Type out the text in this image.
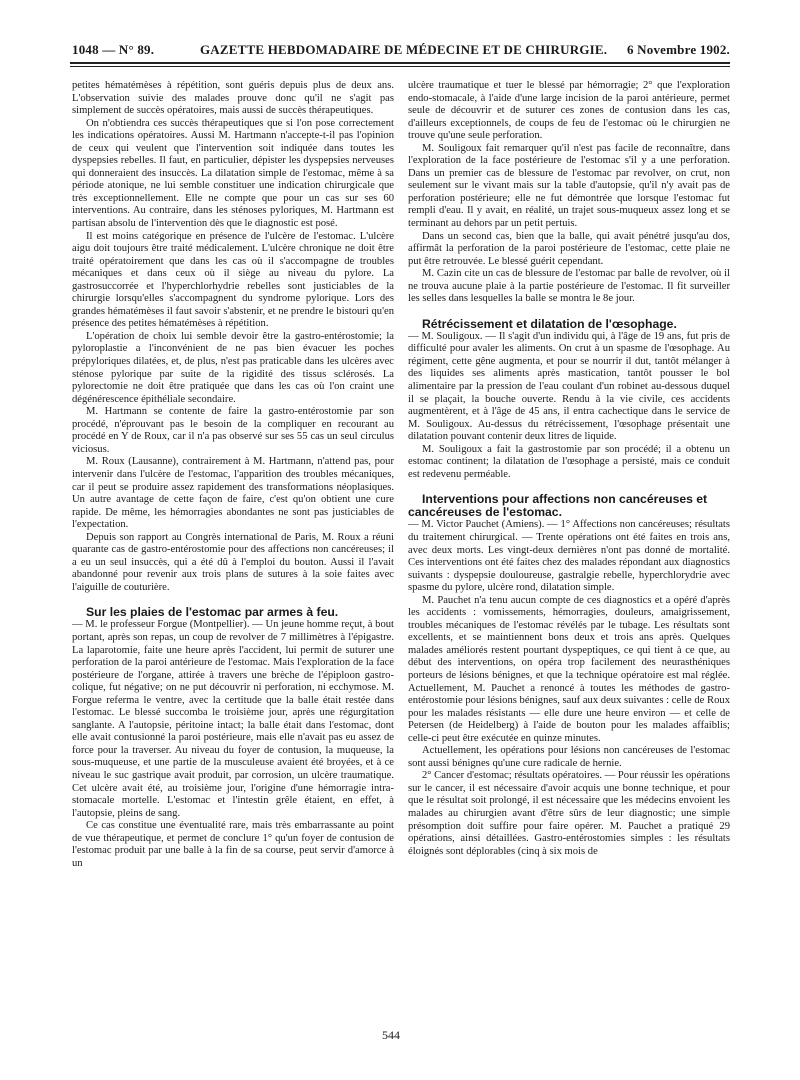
1048 — N° 89.	GAZETTE HEBDOMADAIRE DE MÉDECINE ET DE CHIRURGIE. 6 Novembre 1902.

petites hématémèses à répétition, sont guéris depuis plus de deux ans. L'observation suivie des malades prouve donc qu'il ne s'agit pas simplement de succès opératoires, mais aussi de succès thérapeutiques.

On n'obtiendra ces succès thérapeutiques que si l'on pose correctement les indications opératoires. Aussi M. Hartmann n'accepte-t-il pas l'opinion de ceux qui veulent que l'intervention soit indiquée dans toutes les dyspepsies rebelles. Il faut, en particulier, dépister les dyspepsies nerveuses qui donneraient des insuccès. La dilatation simple de l'estomac, même à sa période atonique, ne lui semble constituer une indication chirurgicale que très exceptionnellement. Elle ne compte que pour un cas sur ses 60 interventions. Au contraire, dans les sténoses pyloriques, M. Hartmann est partisan absolu de l'intervention dès que le diagnostic est posé.

Il est moins catégorique en présence de l'ulcère de l'estomac. L'ulcère aigu doit toujours être traité médicalement. L'ulcère chronique ne doit être traité opératoirement que dans les cas où il s'accompagne de troubles mécaniques et dans ceux où il siège au niveau du pylore. La gastrosuccorrée et l'hyperchlorhydrie rebelles sont justiciables de la chirurgie lorsqu'elles s'accompagnent du syndrome pylorique. Lors des grandes hématémèses il faut savoir s'abstenir, et ne prendre le bistouri qu'en présence des petites hématémèses à répétition.

L'opération de choix lui semble devoir être la gastro-entérostomie; la pyloroplastie a l'inconvénient de ne pas bien évacuer les poches prépyloriques dilatées, et, de plus, n'est pas praticable dans les ulcères avec sténose pylorique par suite de la rigidité des tissus sclérosés. La pylorectomie ne doit être pratiquée que dans les cas où l'on craint une dégénérescence épithéliale secondaire.

M. Hartmann se contente de faire la gastro-entérostomie par son procédé, n'éprouvant pas le besoin de la compliquer en recourant au procédé en Y de Roux, car il n'a pas observé sur ses 55 cas un seul circulus viciosus.

M. Roux (Lausanne), contrairement à M. Hartmann, n'attend pas, pour intervenir dans l'ulcère de l'estomac, l'apparition des troubles mécaniques, car il peut se produire assez rapidement des transformations néoplasiques. Un autre avantage de cette façon de faire, c'est qu'on obtient une cure rapide. De même, les hémorragies abondantes ne sont pas justiciables de l'expectation.

Depuis son rapport au Congrès international de Paris, M. Roux a réuni quarante cas de gastro-entérostomie pour des affections non cancéreuses; il a eu un seul insuccès, qui a été dû à l'emploi du bouton. Aussi il l'avait abandonné pour revenir aux trois plans de sutures à la soie faites avec l'aiguille de couturière.

Sur les plaies de l'estomac par armes à feu.

— M. le professeur Forgue (Montpellier). — Un jeune homme reçut, à bout portant, après son repas, un coup de revolver de 7 millimètres à l'épigastre. La laparotomie, faite une heure après l'accident, lui permit de suturer une perforation de la paroi antérieure de l'estomac. Mais l'exploration de la face postérieure de l'organe, attirée à travers une brèche de l'épiploon gastro-colique, fut négative; on ne put découvrir ni perforation, ni ecchymose. M. Forgue referma le ventre, avec la certitude que la balle était restée dans l'estomac. Le blessé succomba le troisième jour, après une régurgitation sanglante. A l'autopsie, péritoine intact; la balle était dans l'estomac, dont elle avait contusionné la paroi postérieure, mais elle n'avait pas eu assez de force pour la traverser. Au niveau du foyer de contusion, la muqueuse, la sous-muqueuse, et une partie de la musculeuse avaient été broyées, et à ce niveau le suc gastrique avait produit, par corrosion, un ulcère traumatique. Cet ulcère avait été, au troisième jour, l'origine d'une hémorragie intra-stomacale mortelle. L'estomac et l'intestin grêle étaient, en effet, à l'autopsie, pleins de sang.

Ce cas constitue une éventualité rare, mais très embarrassante au point de vue thérapeutique, et permet de conclure 1° qu'un foyer de contusion de l'estomac produit par une balle à la fin de sa course, peut servir d'amorce à un

ulcère traumatique et tuer le blessé par hémorragie; 2° que l'exploration endo-stomacale, à l'aide d'une large incision de la paroi antérieure, permet seule de découvrir et de suturer ces zones de contusion dans les cas, d'ailleurs exceptionnels, de coups de feu de l'estomac où le chirurgien ne trouve qu'une seule perforation.

M. Souligoux fait remarquer qu'il n'est pas facile de reconnaître, dans l'exploration de la face postérieure de l'estomac s'il y a une perforation. Dans un premier cas de blessure de l'estomac par revolver, on crut, non seulement sur le vivant mais sur la table d'autopsie, qu'il n'y avait pas de perforation postérieure; elle ne fut démontrée que lorsque l'estomac fut rempli d'eau. Il y avait, en réalité, un trajet sous-muqueux assez long et se terminant au dehors par un petit pertuis.

Dans un second cas, bien que la balle, qui avait pénétré jusqu'au dos, affirmât la perforation de la paroi postérieure de l'estomac, cette plaie ne put être retrouvée. Le blessé guérit cependant.

M. Cazin cite un cas de blessure de l'estomac par balle de revolver, où il ne trouva aucune plaie à la partie postérieure de l'estomac. Il fit surveiller les selles dans lesquelles la balle se montra le 8e jour.

Rétrécissement et dilatation de l'œsophage.

— M. Souligoux. — Il s'agit d'un individu qui, à l'âge de 19 ans, fut pris de difficulté pour avaler les aliments. On crut à un spasme de l'œsophage. Au régiment, cette gêne augmenta, et pour se nourrir il dut, tantôt mélanger à des liquides ses aliments après mastication, tantôt pousser le bol alimentaire par la pression de l'eau coulant d'un robinet au-dessous duquel il se plaçait, la bouche ouverte. Rendu à la vie civile, ces accidents augmentèrent, et à l'âge de 45 ans, il entra cachectique dans le service de M. Souligoux. Au-dessus du rétrécissement, l'œsophage présentait une dilatation pouvant contenir deux litres de liquide.

M. Souligoux a fait la gastrostomie par son procédé; il a obtenu un estomac continent; la dilatation de l'œsophage a persisté, mais ce conduit est redevenu perméable.

Interventions pour affections non cancéreuses et cancéreuses de l'estomac.

— M. Victor Pauchet (Amiens). — 1° Affections non cancéreuses; résultats du traitement chirurgical. — Trente opérations ont été faites en trois ans, avec deux morts. Les vingt-deux dernières n'ont pas donné de mortalité. Ces interventions ont été faites chez des malades répondant aux diagnostics suivants : dyspepsie douloureuse, gastralgie rebelle, hyperchlorydrie avec spasme du pylore, ulcère rond, dilatation simple.

M. Pauchet n'a tenu aucun compte de ces diagnostics et a opéré d'après les accidents : vomissements, hémorragies, douleurs, amaigrissement, troubles mécaniques de l'estomac révélés par le tubage. Les résultats sont excellents, et se maintiennent bons deux et trois ans après. Quelques malades améliorés restent pourtant dyspeptiques, ce qui tient à ce que, au début des interventions, on opéra trop facilement des neurasthéniques porteurs de lésions bénignes, et que la technique opératoire est mal réglée. Actuellement, M. Pauchet a renoncé à toutes les méthodes de gastro-entérostomie pour lésions bénignes, sauf aux deux suivantes : celle de Roux pour les malades résistants — elle dure une heure environ — et celle de Petersen (de Heidelberg) à l'aide de bouton pour les malades affaiblis; celle-ci peut être exécutée en quinze minutes.

Actuellement, les opérations pour lésions non cancéreuses de l'estomac sont aussi bénignes qu'une cure radicale de hernie.

2° Cancer d'estomac; résultats opératoires. — Pour réussir les opérations sur le cancer, il est nécessaire d'avoir acquis une bonne technique, et pour que le résultat soit prolongé, il est nécessaire que les médecins envoient les malades au chirurgien avant d'être sûrs de leur diagnostic; une simple présomption doit suffire pour faire opérer. M. Pauchet a pratiqué 29 opérations, ainsi détaillées. Gastro-entérostomies simples : les résultats éloignés sont déplorables (cinq à six mois de

544
